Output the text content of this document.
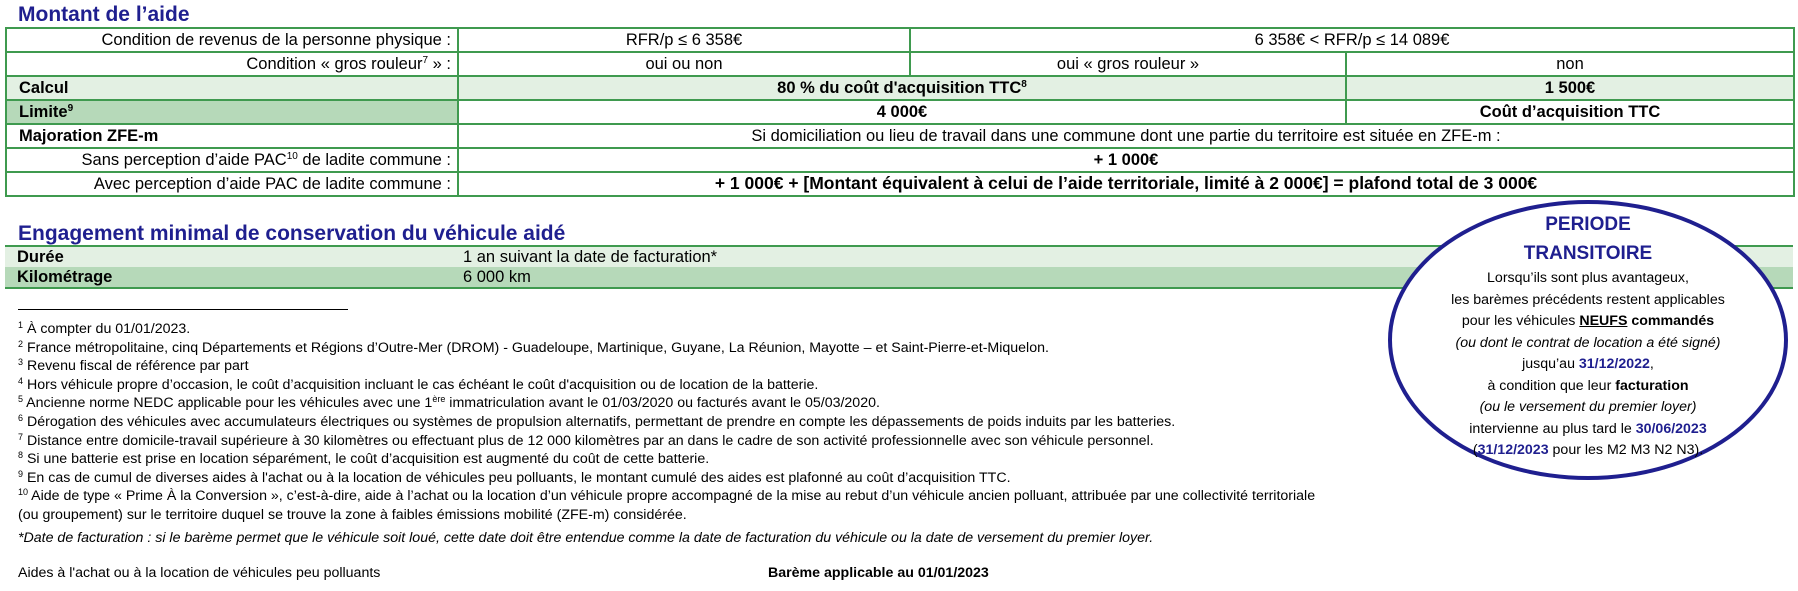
Montant de l’aide
Condition de revenus de la personne physique :	RFR/p ≤ 6 358€	6 358€ < RFR/p ≤ 14 089€	
Condition « gros rouleur$^7$ » :	oui ou non	oui « gros rouleur »	non
Calcul	80 % du coût d'acquisition TTC$^8$		1 500€
Limite$^9$	4 000€		Coût d’acquisition TTC
Majoration ZFE-m	Si domiciliation ou lieu de travail dans une commune dont une partie du territoire est située en ZFE-m :		
Sans perception d’aide PAC$^{10}$ de ladite commune :	+ 1 000€		
Avec perception d’aide PAC de ladite commune :	+ 1 000€ + [Montant équivalent à celui de l’aide territoriale, limité à 2 000€] = plafond total de 3 000€		
Engagement minimal de conservation du véhicule aidé
Durée	1 an suivant la date de facturation*
Kilométrage	6 000 km
$^1$ À compter du 01/01/2023.
$^2$ France métropolitaine, cinq Départements et Régions d’Outre-Mer (DROM) - Guadeloupe, Martinique, Guyane, La Réunion, Mayotte – et Saint-Pierre-et-Miquelon.
$^3$ Revenu fiscal de référence par part
$^4$ Hors véhicule propre d’occasion, le coût d’acquisition incluant le cas échéant le coût d'acquisition ou de location de la batterie.
$^5$ Ancienne norme NEDC applicable pour les véhicules avec une 1ère immatriculation avant le 01/03/2020 ou facturés avant le 05/03/2020.
$^6$ Dérogation des véhicules avec accumulateurs électriques ou systèmes de propulsion alternatifs, permettant de prendre en compte les dépassements de poids induits par les batteries.
$^7$ Distance entre domicile-travail supérieure à 30 kilomètres ou effectuant plus de 12 000 kilomètres par an dans le cadre de son activité professionnelle avec son véhicule personnel.
$^8$ Si une batterie est prise en location séparément, le coût d’acquisition est augmenté du coût de cette batterie.
$^9$ En cas de cumul de diverses aides à l'achat ou à la location de véhicules peu polluants, le montant cumulé des aides est plafonné au coût d’acquisition TTC.
$^{10}$ Aide de type « Prime À la Conversion », c’est-à-dire, aide à l’achat ou la location d’un véhicule propre accompagné de la mise au rebut d’un véhicule ancien polluant, attribuée par une collectivité territoriale
(ou groupement) sur le territoire duquel se trouve la zone à faibles émissions mobilité (ZFE-m) considérée.
*Date de facturation : si le barème permet que le véhicule soit loué, cette date doit être entendue comme la date de facturation du véhicule ou la date de versement du premier loyer.
Aides à l'achat ou à la location de véhicules peu polluants	Barème applicable au 01/01/2023
PERIODE
TRANSITOIRE
Lorsqu’ils sont plus avantageux,
les barèmes précédents restent applicables
pour les véhicules NEUFS commandés
(ou dont le contrat de location a été signé)
jusqu’au 31/12/2022,
à condition que leur facturation
(ou le versement du premier loyer)
intervienne au plus tard le 30/06/2023
(31/12/2023 pour les M2 M3 N2 N3).
